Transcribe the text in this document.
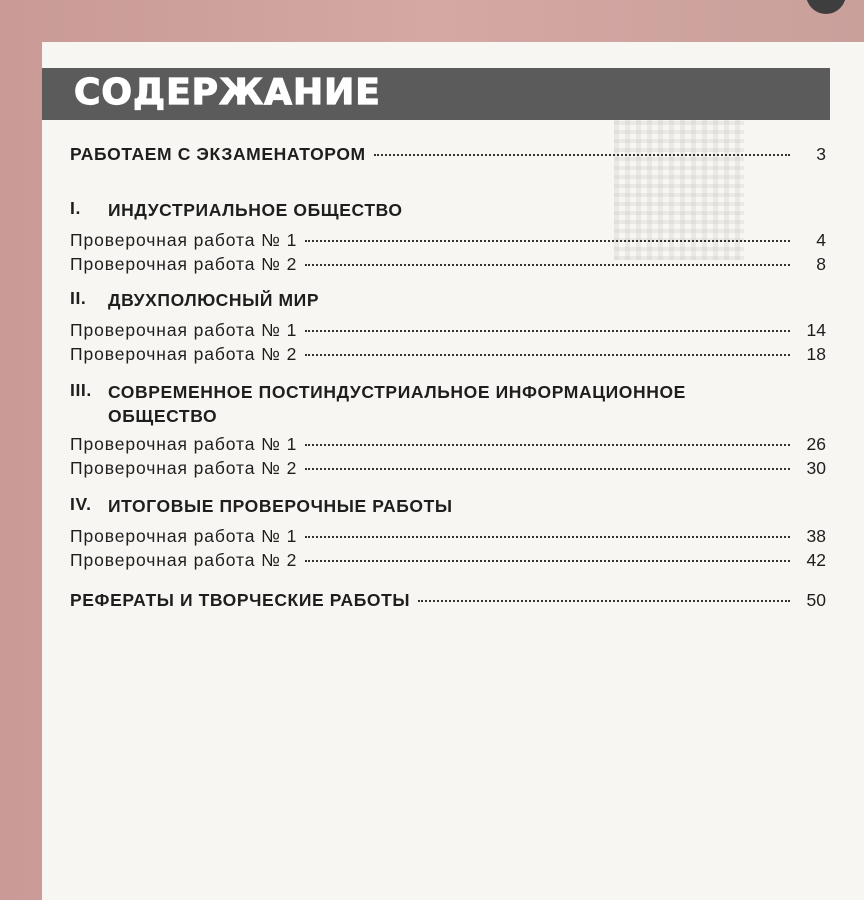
СОДЕРЖАНИЕ
РАБОТАЕМ С ЭКЗАМЕНАТОРОМ	3
I.	ИНДУСТРИАЛЬНОЕ ОБЩЕСТВО
Проверочная работа № 1	4
Проверочная работа № 2	8
II.	ДВУХПОЛЮСНЫЙ МИР
Проверочная работа № 1	14
Проверочная работа № 2	18
III. СОВРЕМЕННОЕ ПОСТИНДУСТРИАЛЬНОЕ ИНФОРМАЦИОННОЕ ОБЩЕСТВО
Проверочная работа № 1	26
Проверочная работа № 2	30
IV. ИТОГОВЫЕ ПРОВЕРОЧНЫЕ РАБОТЫ
Проверочная работа № 1	38
Проверочная работа № 2	42
РЕФЕРАТЫ И ТВОРЧЕСКИЕ РАБОТЫ	50
